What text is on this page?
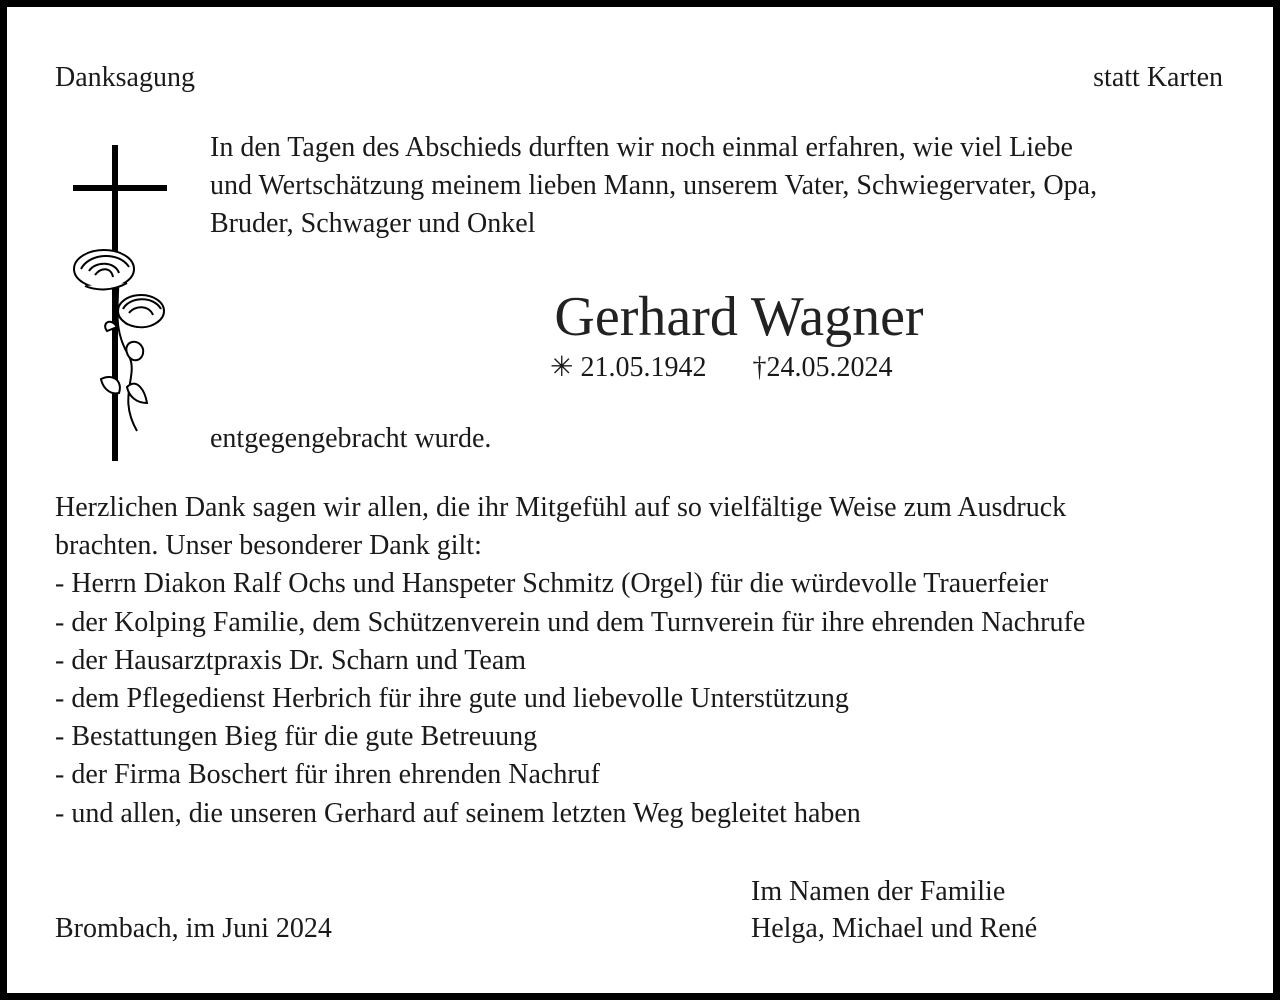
Danksagung	statt Karten
In den Tagen des Abschieds durften wir noch einmal erfahren, wie viel Liebe
und Wertschätzung meinem lieben Mann, unserem Vater, Schwiegervater, Opa,
Bruder, Schwager und Onkel
Gerhard Wagner
✳ 21.05.1942 †24.05.2024
entgegengebracht wurde.
Herzlichen Dank sagen wir allen, die ihr Mitgefühl auf so vielfältige Weise zum Ausdruck
brachten. Unser besonderer Dank gilt:
- Herrn Diakon Ralf Ochs und Hanspeter Schmitz (Orgel) für die würdevolle Trauerfeier
- der Kolping Familie, dem Schützenverein und dem Turnverein für ihre ehrenden Nachrufe
- der Hausarztpraxis Dr. Scharn und Team
- dem Pflegedienst Herbrich für ihre gute und liebevolle Unterstützung
- Bestattungen Bieg für die gute Betreuung
- der Firma Boschert für ihren ehrenden Nachruf
- und allen, die unseren Gerhard auf seinem letzten Weg begleitet haben
Im Namen der Familie
Helga, Michael und René
Brombach, im Juni 2024
